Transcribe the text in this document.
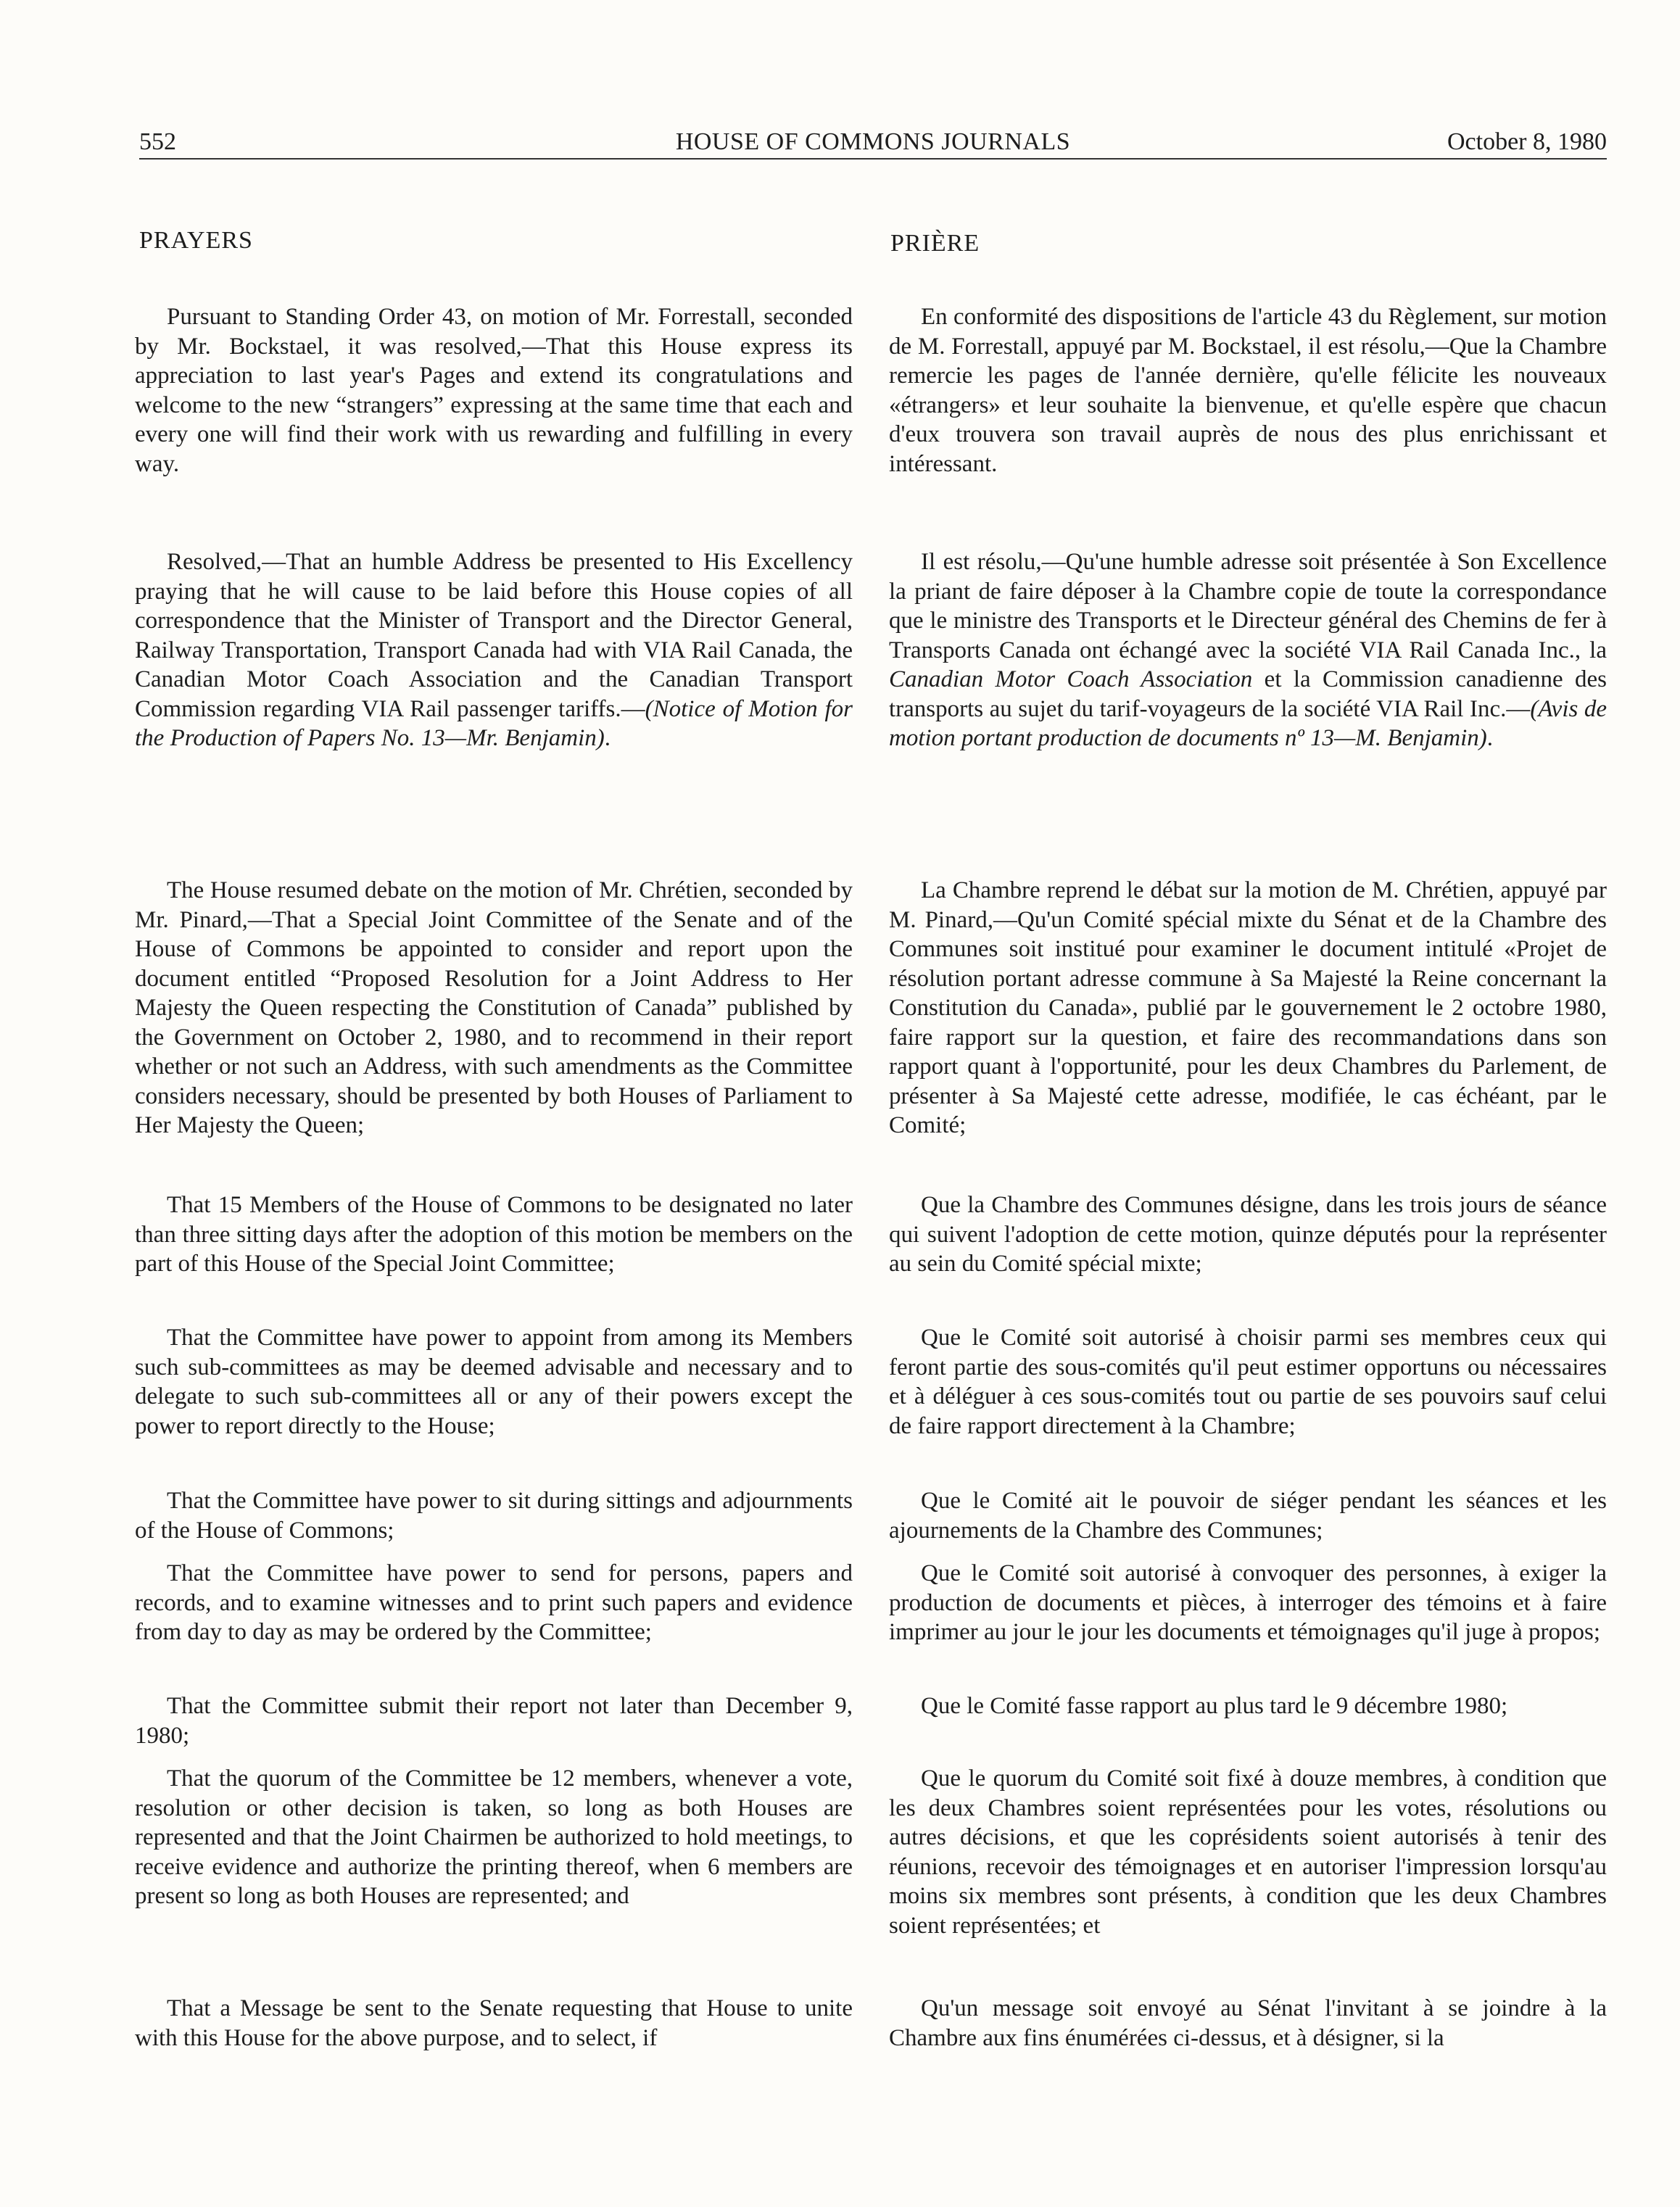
552	HOUSE OF COMMONS JOURNALS	October 8, 1980
PRAYERS

Pursuant to Standing Order 43, on motion of Mr. Forrestall, seconded by Mr. Bockstael, it was resolved,—That this House express its appreciation to last year's Pages and extend its congratulations and welcome to the new “strangers” expressing at the same time that each and every one will find their work with us rewarding and fulfilling in every way.

Resolved,—That an humble Address be presented to His Excellency praying that he will cause to be laid before this House copies of all correspondence that the Minister of Transport and the Director General, Railway Transportation, Transport Canada had with VIA Rail Canada, the Canadian Motor Coach Association and the Canadian Transport Commission regarding VIA Rail passenger tariffs.—(Notice of Motion for the Production of Papers No. 13—Mr. Benjamin).

The House resumed debate on the motion of Mr. Chrétien, seconded by Mr. Pinard,—That a Special Joint Committee of the Senate and of the House of Commons be appointed to consider and report upon the document entitled “Proposed Resolution for a Joint Address to Her Majesty the Queen respecting the Constitution of Canada” published by the Government on October 2, 1980, and to recommend in their report whether or not such an Address, with such amendments as the Committee considers necessary, should be presented by both Houses of Parliament to Her Majesty the Queen;

That 15 Members of the House of Commons to be designated no later than three sitting days after the adoption of this motion be members on the part of this House of the Special Joint Committee;

That the Committee have power to appoint from among its Members such sub-committees as may be deemed advisable and necessary and to delegate to such sub-committees all or any of their powers except the power to report directly to the House;

That the Committee have power to sit during sittings and adjournments of the House of Commons;

That the Committee have power to send for persons, papers and records, and to examine witnesses and to print such papers and evidence from day to day as may be ordered by the Committee;

That the Committee submit their report not later than December 9, 1980;

That the quorum of the Committee be 12 members, whenever a vote, resolution or other decision is taken, so long as both Houses are represented and that the Joint Chairmen be authorized to hold meetings, to receive evidence and authorize the printing thereof, when 6 members are present so long as both Houses are represented; and

That a Message be sent to the Senate requesting that House to unite with this House for the above purpose, and to select, if

PRIÈRE

En conformité des dispositions de l'article 43 du Règlement, sur motion de M. Forrestall, appuyé par M. Bockstael, il est résolu,—Que la Chambre remercie les pages de l'année dernière, qu'elle félicite les nouveaux «étrangers» et leur souhaite la bienvenue, et qu'elle espère que chacun d'eux trouvera son travail auprès de nous des plus enrichissant et intéressant.

Il est résolu,—Qu'une humble adresse soit présentée à Son Excellence la priant de faire déposer à la Chambre copie de toute la correspondance que le ministre des Transports et le Directeur général des Chemins de fer à Transports Canada ont échangé avec la société VIA Rail Canada Inc., la Canadian Motor Coach Association et la Commission canadienne des transports au sujet du tarif-voyageurs de la société VIA Rail Inc.—(Avis de motion portant production de documents nº 13—M. Benjamin).

La Chambre reprend le débat sur la motion de M. Chrétien, appuyé par M. Pinard,—Qu'un Comité spécial mixte du Sénat et de la Chambre des Communes soit institué pour examiner le document intitulé «Projet de résolution portant adresse commune à Sa Majesté la Reine concernant la Constitution du Canada», publié par le gouvernement le 2 octobre 1980, faire rapport sur la question, et faire des recommandations dans son rapport quant à l'opportunité, pour les deux Chambres du Parlement, de présenter à Sa Majesté cette adresse, modifiée, le cas échéant, par le Comité;

Que la Chambre des Communes désigne, dans les trois jours de séance qui suivent l'adoption de cette motion, quinze députés pour la représenter au sein du Comité spécial mixte;

Que le Comité soit autorisé à choisir parmi ses membres ceux qui feront partie des sous-comités qu'il peut estimer opportuns ou nécessaires et à déléguer à ces sous-comités tout ou partie de ses pouvoirs sauf celui de faire rapport directement à la Chambre;

Que le Comité ait le pouvoir de siéger pendant les séances et les ajournements de la Chambre des Communes;

Que le Comité soit autorisé à convoquer des personnes, à exiger la production de documents et pièces, à interroger des témoins et à faire imprimer au jour le jour les documents et témoignages qu'il juge à propos;

Que le Comité fasse rapport au plus tard le 9 décembre 1980;

Que le quorum du Comité soit fixé à douze membres, à condition que les deux Chambres soient représentées pour les votes, résolutions ou autres décisions, et que les coprésidents soient autorisés à tenir des réunions, recevoir des témoignages et en autoriser l'impression lorsqu'au moins six membres sont présents, à condition que les deux Chambres soient représentées; et

Qu'un message soit envoyé au Sénat l'invitant à se joindre à la Chambre aux fins énumérées ci-dessus, et à désigner, si la
